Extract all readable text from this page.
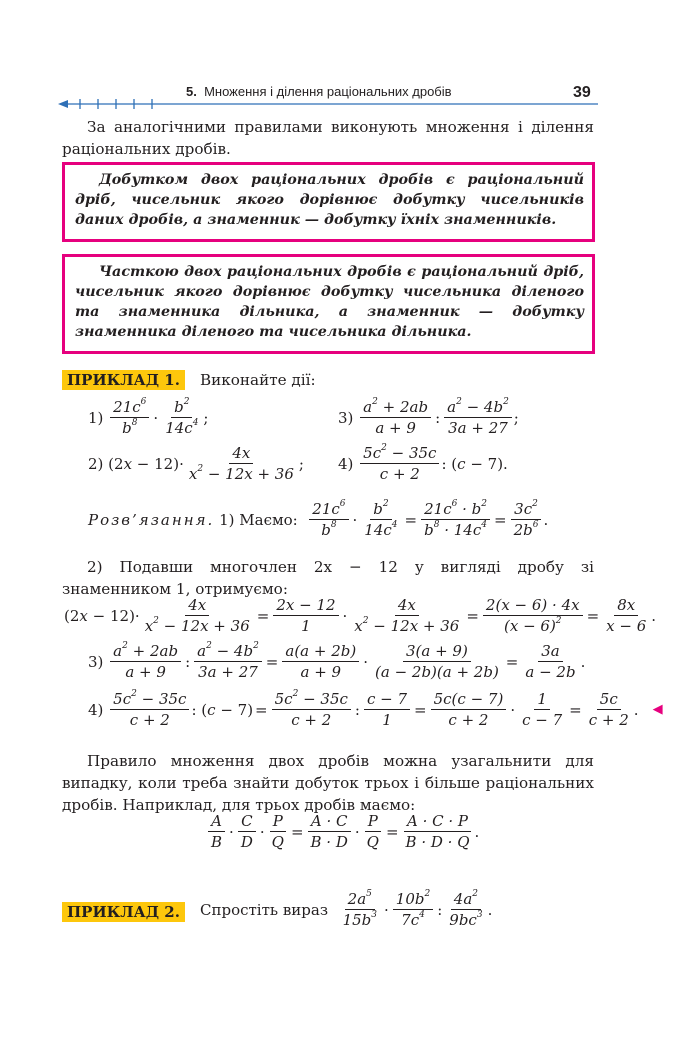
5. Множення і ділення раціональних дробів	39
За аналогічними правилами виконують множення і ділення раціональних дробів.
Добутком двох раціональних дробів є раціональний дріб, чисельник якого дорівнює добутку чисельників даних дробів, а знаменник — добутку їхніх знаменників.
Часткою двох раціональних дробів є раціональний дріб, чисельник якого дорівнює добутку чисельника діленого та знаменника дільника, а знаменник — добутку знаменника діленого та чисельника дільника.
ПРИКЛАД 1.	Виконайте дії:
$1) \frac{21c^6}{b^8} \cdot \frac{b^2}{14c^4}$ ;	$3) \frac{a^2 + 2ab}{a + 9}$ : $\frac{a^2 - 4b^2}{3a + 27}$ ;
2) $(2x - 12)\cdot \frac{4x}{x^2 - 12x + 36}$ ; $4) \frac{5c^2 - 35c}{c + 2}$ : (c − 7).
Розв’язання.
1) Маємо:
$\frac{21c^6}{b^8} \cdot \frac{b^2}{14c^4} = \frac{21c^6 \cdot b^2}{b^8 \cdot 14c^4} = \frac{3c^2}{2b^6}$ .
2) Подавши многочлен 2x − 12 у вигляді дробу зі знаменником 1, отримуємо:
$(2x - 12)\cdot \frac{4x}{x^2 - 12x + 36} = \frac{2x - 12}{1} \cdot \frac{4x}{x^2 - 12x + 36} = \frac{2(x - 6) \cdot 4x}{(x - 6)^2} = \frac{8x}{x - 6}$ .
$3) \frac{a^2 + 2ab}{a + 9}$ : $\frac{a^2 - 4b^2}{3a + 27} = \frac{a(a + 2b)}{a + 9} \cdot \frac{3(a + 9)}{(a - 2b)(a + 2b)} = \frac{3a}{a - 2b}$ .
$4) \frac{5c^2 - 35c}{c + 2}$ : $(c - 7) = \frac{5c^2 - 35c}{c + 2}$ : $\frac{c - 7}{1} = \frac{5c(c - 7)}{c + 2} \cdot \frac{1}{c - 7} = \frac{5c}{c + 2}$ . ◀
Правило множення двох дробів можна узагальнити для випадку, коли треба знайти добуток трьох і більше раціональних дробів. Наприклад, для трьох дробів маємо:
$\frac{A}{B} \cdot \frac{C}{D} \cdot \frac{P}{Q} = \frac{A \cdot C}{B \cdot D} \cdot \frac{P}{Q} = \frac{A \cdot C \cdot P}{B \cdot D \cdot Q}$ .
ПРИКЛАД 2.	Спростіть вираз
$\frac{2a^5}{15b^3} \cdot \frac{10b^2}{7c^4}$ : $\frac{4a^2}{9bc^3}$ .
